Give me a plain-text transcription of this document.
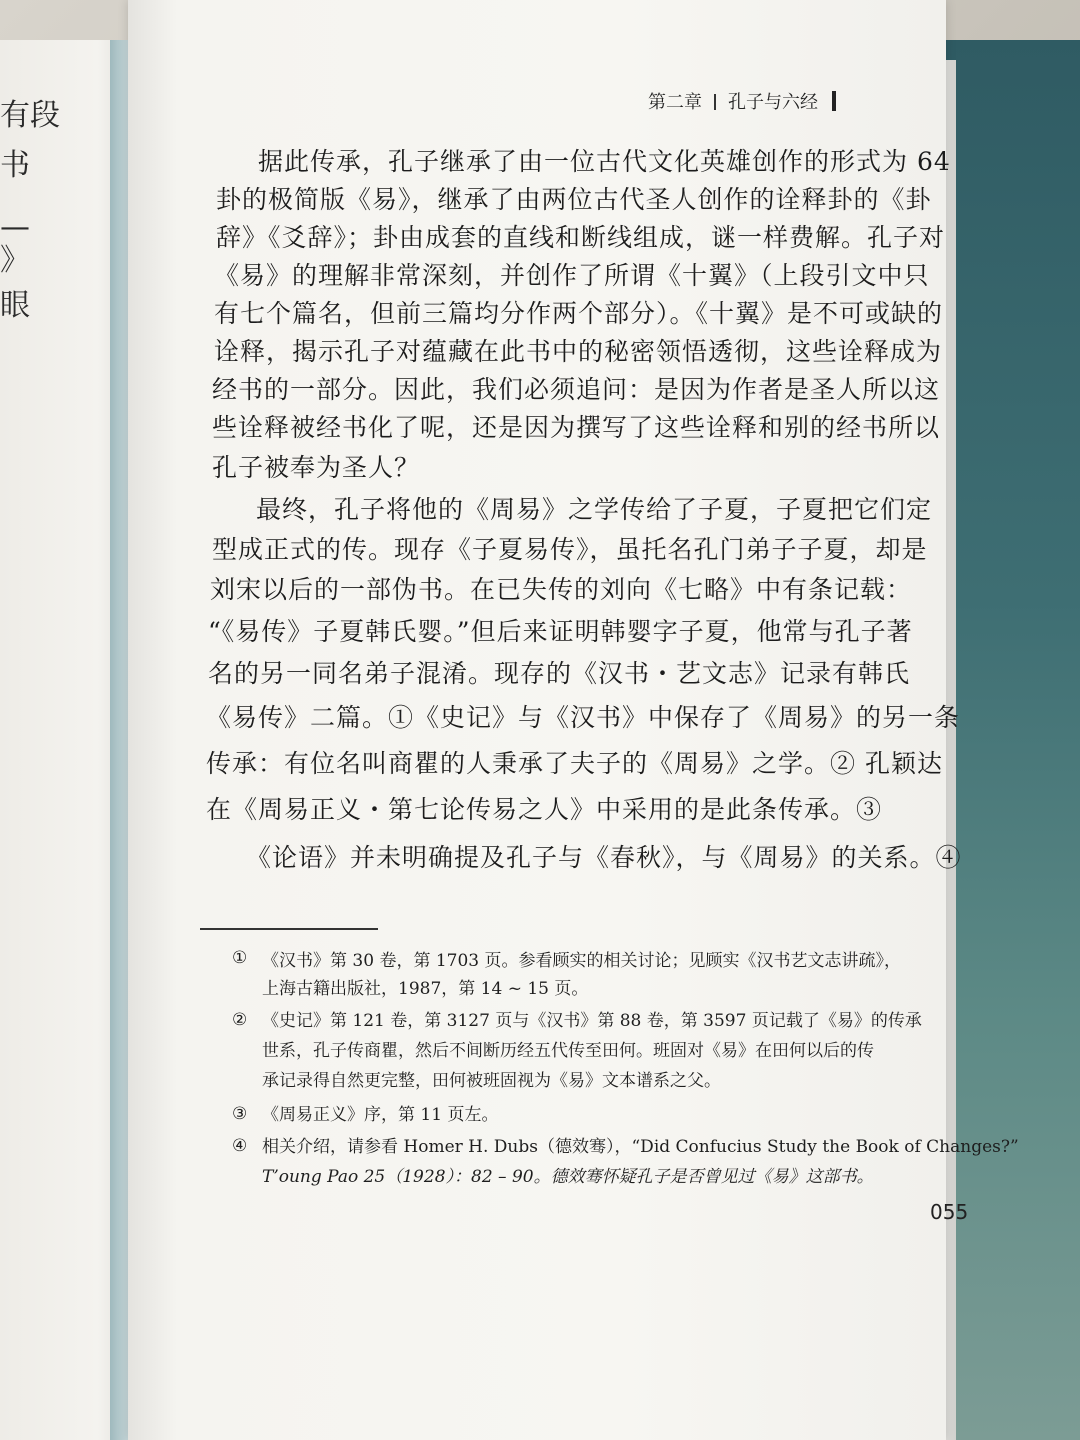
有段
书
—
》
眼
第二章 孔子与六经
据此传承，孔子继承了由一位古代文化英雄创作的形式为 64
卦的极简版《易》，继承了由两位古代圣人创作的诠释卦的《卦
辞》《爻辞》；卦由成套的直线和断线组成，谜一样费解。孔子对
《易》的理解非常深刻，并创作了所谓《十翼》（上段引文中只
有七个篇名，但前三篇均分作两个部分）。《十翼》是不可或缺的
诠释，揭示孔子对蕴藏在此书中的秘密领悟透彻，这些诠释成为
经书的一部分。因此，我们必须追问：是因为作者是圣人所以这
些诠释被经书化了呢，还是因为撰写了这些诠释和别的经书所以
孔子被奉为圣人？
最终，孔子将他的《周易》之学传给了子夏，子夏把它们定
型成正式的传。现存《子夏易传》，虽托名孔门弟子子夏，却是
刘宋以后的一部伪书。在已失传的刘向《七略》中有条记载：
“《易传》子夏韩氏婴。”但后来证明韩婴字子夏，他常与孔子著
名的另一同名弟子混淆。现存的《汉书・艺文志》记录有韩氏
《易传》二篇。①《史记》与《汉书》中保存了《周易》的另一条
传承：有位名叫商瞿的人秉承了夫子的《周易》之学。② 孔颖达
在《周易正义・第七论传易之人》中采用的是此条传承。③
《论语》并未明确提及孔子与《春秋》，与《周易》的关系。④
① 《汉书》第 30 卷，第 1703 页。参看顾实的相关讨论；见顾实《汉书艺文志讲疏》，
上海古籍出版社，1987，第 14 ~ 15 页。
② 《史记》第 121 卷，第 3127 页与《汉书》第 88 卷，第 3597 页记载了《易》的传承
世系，孔子传商瞿，然后不间断历经五代传至田何。班固对《易》在田何以后的传
承记录得自然更完整，田何被班固视为《易》文本谱系之父。
③ 《周易正义》序，第 11 页左。
④ 相关介绍，请参看 Homer H. Dubs（德效骞），“Did Confucius Study the Book of Changes?”
T’oung Pao 25（1928）：82 – 90。德效骞怀疑孔子是否曾见过《易》这部书。
055
